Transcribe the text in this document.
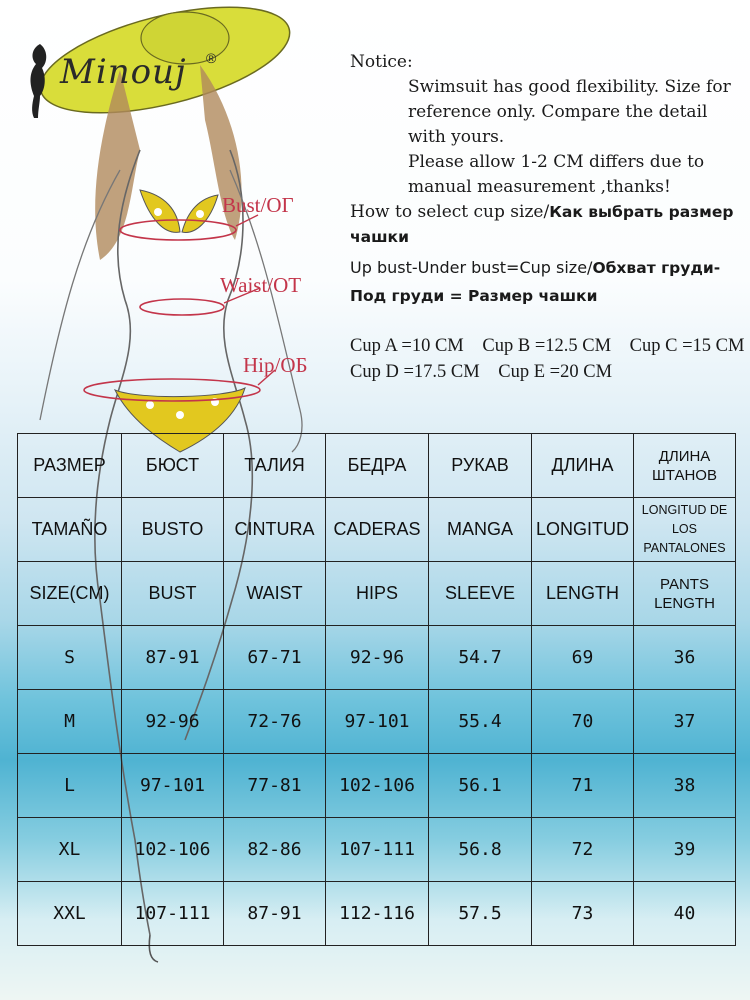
Minouj ®
Bust/ОГ
Waist/ОТ
Hip/ОБ

Notice:

Swimsuit has good flexibility. Size for reference only. Compare the detail with yours.

Please allow 1-2 CM differs due to manual measurement ,thanks!

How to select cup size/Как выбрать размер чашки

Up bust-Under bust=Cup size/Обхват груди-Под груди = Размер чашки

Cup A =10 CM Cup B =12.5 CM Cup C =15 CM
Cup D =17.5 CM Cup E =20 CM
РАЗМЕР	БЮСТ	ТАЛИЯ	БЕДРА	РУКАВ	ДЛИНА	ДЛИНА ШТАНОВ
TAMAÑO	BUSTO	CINTURA	CADERAS	MANGA	LONGITUD	LONGITUD DE LOS PANTALONES
SIZE(CM)	BUST	WAIST	HIPS	SLEEVE	LENGTH	PANTS LENGTH
S	87-91	67-71	92-96	54.7	69	36
M	92-96	72-76	97-101	55.4	70	37
L	97-101	77-81	102-106	56.1	71	38
XL	102-106	82-86	107-111	56.8	72	39
XXL	107-111	87-91	112-116	57.5	73	40
